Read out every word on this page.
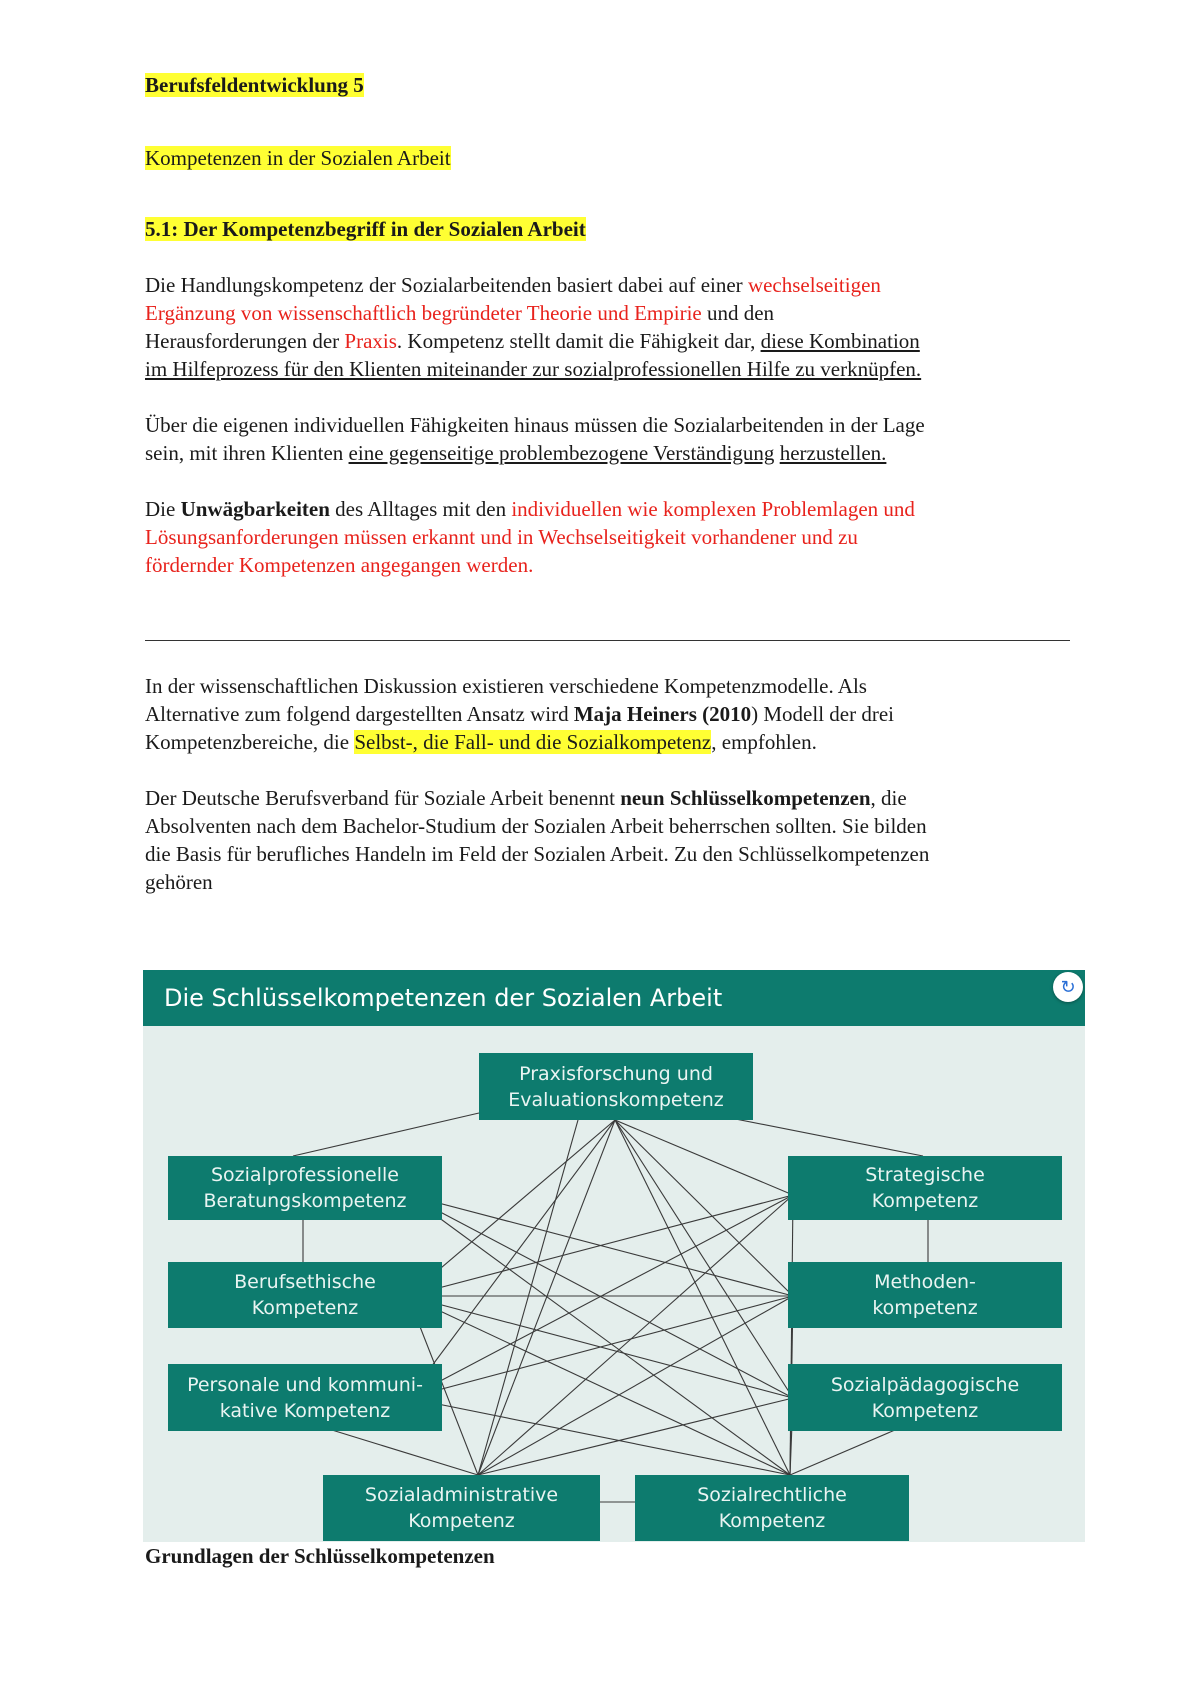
Berufsfeldentwicklung 5
Kompetenzen in der Sozialen Arbeit
5.1: Der Kompetenzbegriff in der Sozialen Arbeit
Die Handlungskompetenz der Sozialarbeitenden basiert dabei auf einer wechselseitigen
Ergänzung von wissenschaftlich begründeter Theorie und Empirie und den
Herausforderungen der Praxis. Kompetenz stellt damit die Fähigkeit dar, diese Kombination
im Hilfeprozess für den Klienten miteinander zur sozialprofessionellen Hilfe zu verknüpfen.
Über die eigenen individuellen Fähigkeiten hinaus müssen die Sozialarbeitenden in der Lage
sein, mit ihren Klienten eine gegenseitige problembezogene Verständigung herzustellen.
Die Unwägbarkeiten des Alltages mit den individuellen wie komplexen Problemlagen und
Lösungsanforderungen müssen erkannt und in Wechselseitigkeit vorhandener und zu
fördernder Kompetenzen angegangen werden.
In der wissenschaftlichen Diskussion existieren verschiedene Kompetenzmodelle. Als
Alternative zum folgend dargestellten Ansatz wird Maja Heiners (2010) Modell der drei
Kompetenzbereiche, die Selbst-, die Fall- und die Sozialkompetenz, empfohlen.
Der Deutsche Berufsverband für Soziale Arbeit benennt neun Schlüsselkompetenzen, die
Absolventen nach dem Bachelor-Studium der Sozialen Arbeit beherrschen sollten. Sie bilden
die Basis für berufliches Handeln im Feld der Sozialen Arbeit. Zu den Schlüsselkompetenzen
gehören
Die Schlüsselkompetenzen der Sozialen Arbeit
Praxisforschung und
Evaluationskompetenz
Sozialprofessionelle
Beratungskompetenz
Berufsethische
Kompetenz
Personale und kommuni-
kative Kompetenz
Strategische
Kompetenz
Methoden-
kompetenz
Sozialpädagogische
Kompetenz
Sozialadministrative
Kompetenz
Sozialrechtliche
Kompetenz
↻
Grundlagen der Schlüsselkompetenzen
